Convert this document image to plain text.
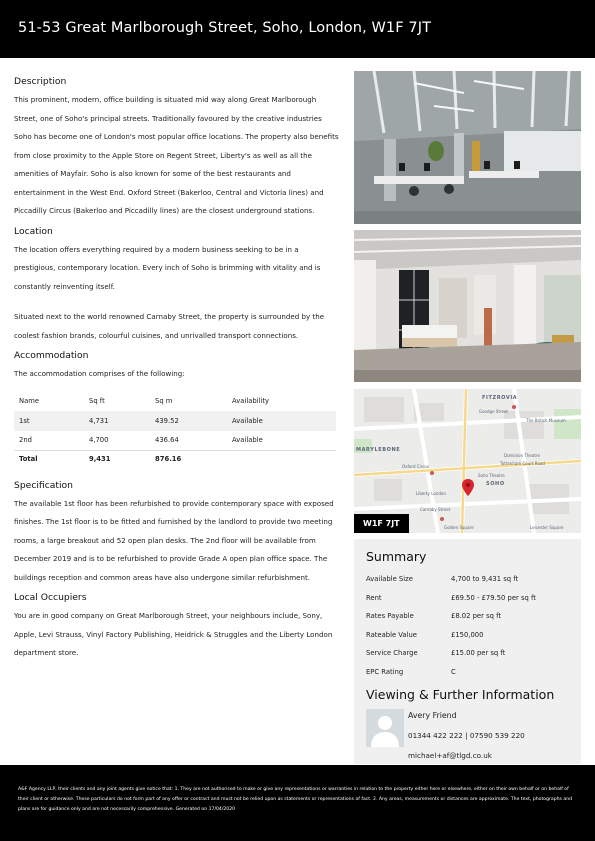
51-53 Great Marlborough Street, Soho, London, W1F 7JT
Description
This prominent, modern, office building is situated mid way along Great Marlborough Street, one of Soho's principal streets. Traditionally favoured by the creative industries Soho has become one of London's most popular office locations. The property also benefits from close proximity to the Apple Store on Regent Street, Liberty's as well as all the amenities of Mayfair. Soho is also known for some of the best restaurants and entertainment in the West End. Oxford Street (Bakerloo, Central and Victoria lines) and Piccadilly Circus (Bakerloo and Piccadilly lines) are the closest underground stations.
Location
The location offers everything required by a modern business seeking to be in a prestigious, contemporary location. Every inch of Soho is brimming with vitality and is constantly reinventing itself.
Situated next to the world renowned Carnaby Street, the property is surrounded by the coolest fashion brands, colourful cuisines, and unrivalled transport connections.
Accommodation
The accommodation comprises of the following:
Name	Sq ft	Sq m	Availability
1st	4,731	439.52	Available
2nd	4,700	436.64	Available
Total	9,431	876.16	
Specification
The available 1st floor has been refurbished to provide contemporary space with exposed finishes. The 1st floor is to be fitted and furnished by the landlord to provide two meeting rooms, a large breakout and 52 open plan desks. The 2nd floor will be available from December 2019 and is to be refurbished to provide Grade A open plan office space. The buildings reception and common areas have also undergone similar refurbishment.
Local Occupiers
You are in good company on Great Marlborough Street, your neighbours include, Sony, Apple, Levi Strauss, Vinyl Factory Publishing, Heidrick & Struggles and the Liberty London department store.
FITZROVIA
MARYLEBONE
SOHO
Goodge Street
The British Museum
Oxford Circus
Liberty London
Soho Theatre
Tottenham Court Road
Carnaby Street
Golden Square
Dominion Theatre
Leicester Square
W1F 7JT
Summary
Available Size	4,700 to 9,431 sq ft
Rent	£69.50 - £79.50 per sq ft
Rates Payable	£8.02 per sq ft
Rateable Value	£150,000
Service Charge	£15.00 per sq ft
EPC Rating	C
Viewing & Further Information
Avery Friend
01344 422 222 | 07590 539 220
michael+af@tlgd.co.uk

A&F Agency LLP, their clients and any joint agents give notice that: 1. They are not authorised to make or give any representations or warranties in relation to the property either here or elsewhere, either on their own behalf or on behalf of their client or otherwise. These particulars do not form part of any offer or contract and must not be relied upon as statements or representations of fact. 2. Any areas, measurements or distances are approximate. The text, photographs and plans are for guidance only and are not necessarily comprehensive. Generated on 17/04/2020
